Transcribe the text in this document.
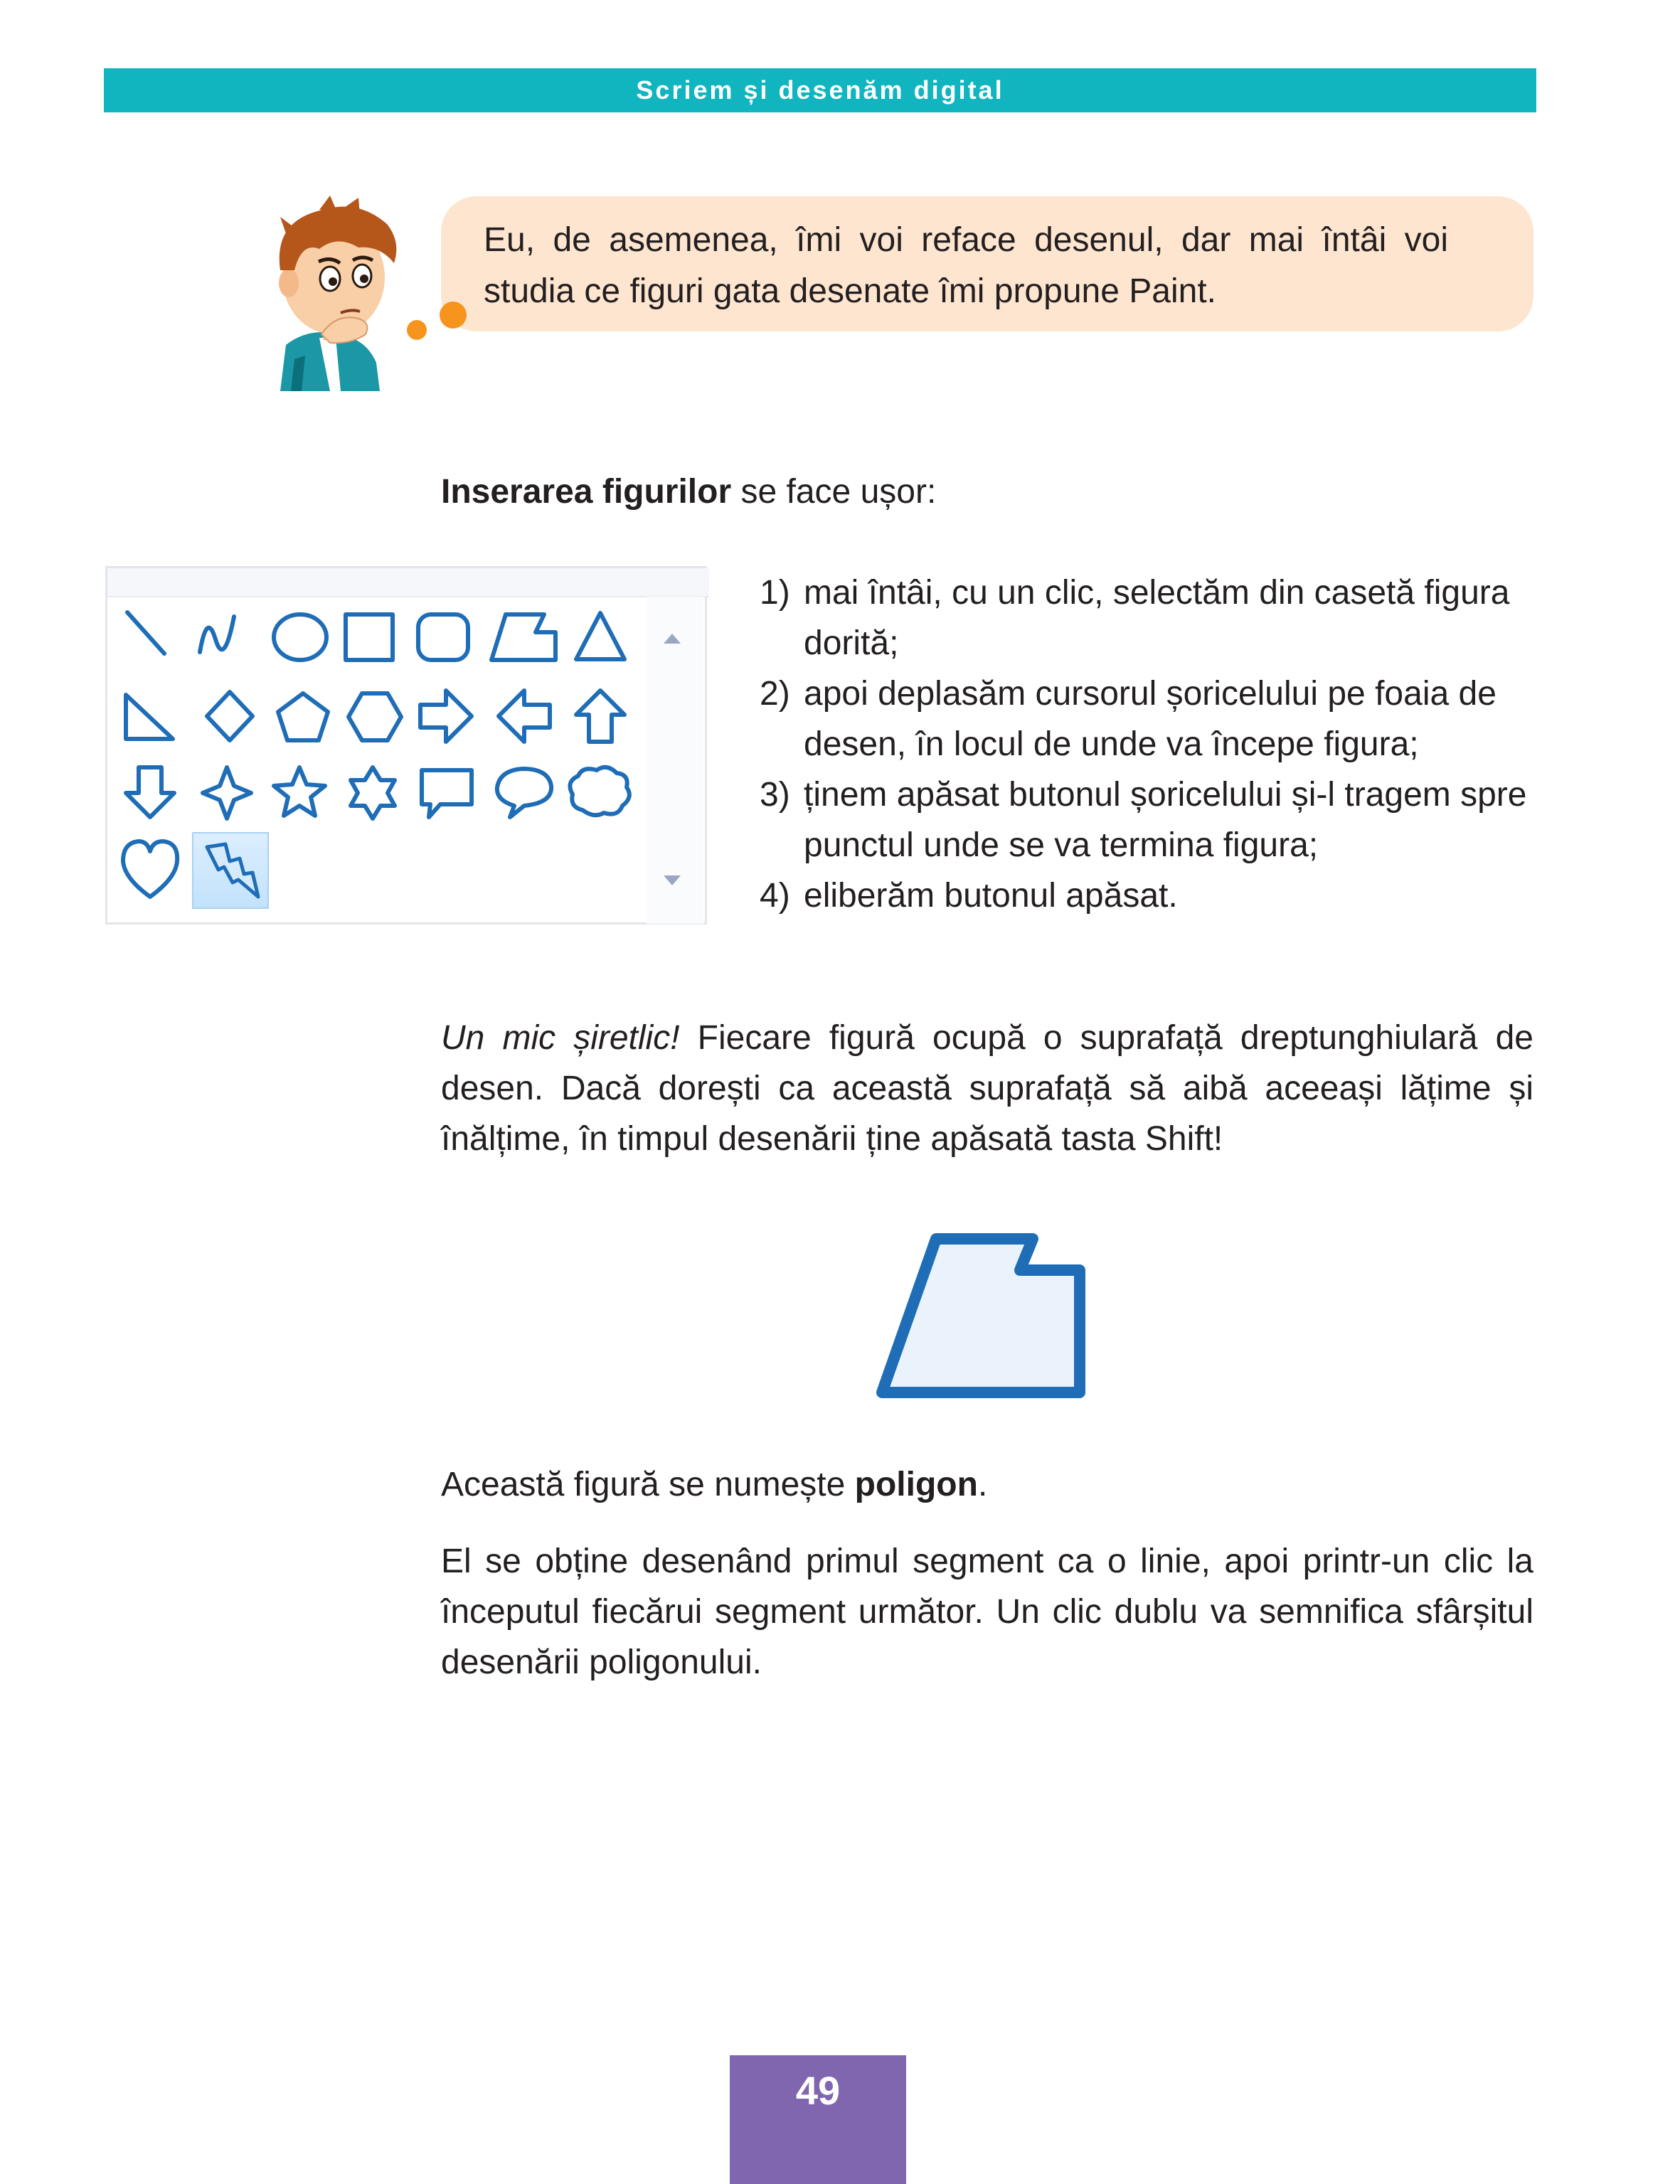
Scriem și desenăm digital
Eu, de asemenea, îmi voi reface desenul, dar mai întâi voi studia ce figuri gata desenate îmi propune Paint.
Inserarea figurilor se face ușor:
1) mai întâi, cu un clic, selectăm din casetă figura dorită;
2) apoi deplasăm cursorul șoricelului pe foaia de desen, în locul de unde va începe figura;
3) ținem apăsat butonul șoricelului și-l tragem spre punctul unde se va termina figura;
4) eliberăm butonul apăsat.
Un mic șiretlic! Fiecare figură ocupă o suprafață dreptunghiulară de desen. Dacă dorești ca această suprafață să aibă aceeași lățime și înălțime, în timpul desenării ține apăsată tasta Shift!
Această figură se numește poligon.
El se obține desenând primul segment ca o linie, apoi printr-un clic la începutul fiecărui segment următor. Un clic dublu va semnifica sfârșitul desenării poligonului.
49
